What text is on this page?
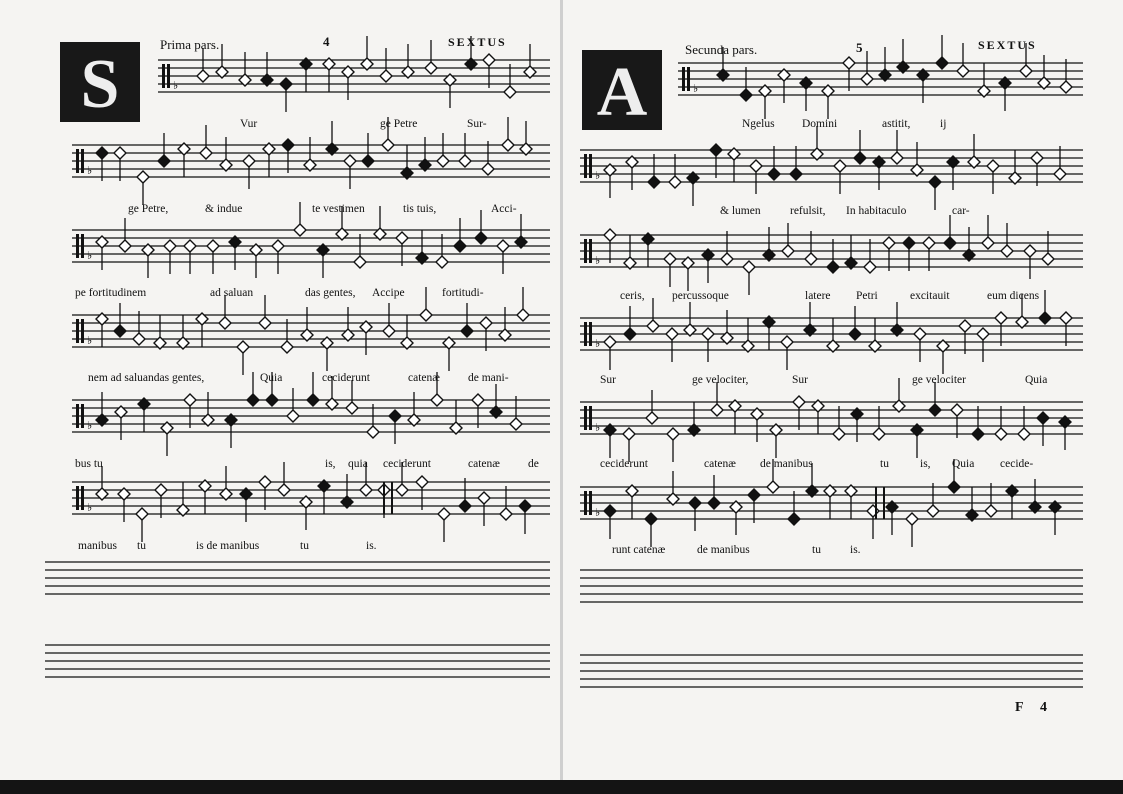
S
Prima pars.	4	SEXTUS
A
Secunda pars.	5	SEXTUS
Vur	ge Petre	Sur-
ge Petre,	& indue	te vestimen	tis tuis,	Acci-
pe fortitudinem	ad saluan	das gentes, Accipe	fortitudi-
nem ad saluandas gentes,	Quia	ceciderunt	catenæ de mani-
bus tu	is, quia ceciderunt	catenæ de
manibus tu	is de manibus	tu	is.
Ngelus Domini	astitit,	ij
& lumen	refulsit, In habitaculo	car-
ceris, percussoque	latere Petri	excitauit	eum dicens
Sur	ge velociter,	Sur	ge velociter	Quia
ceciderunt	catenæ de manibus	tu	is, Quia cecide-
runt catenæ	de manibus	tu	is.
F 4
♭
♭
♭
♭
♭
♭
♭
♭
♭
♭
♭
♭
